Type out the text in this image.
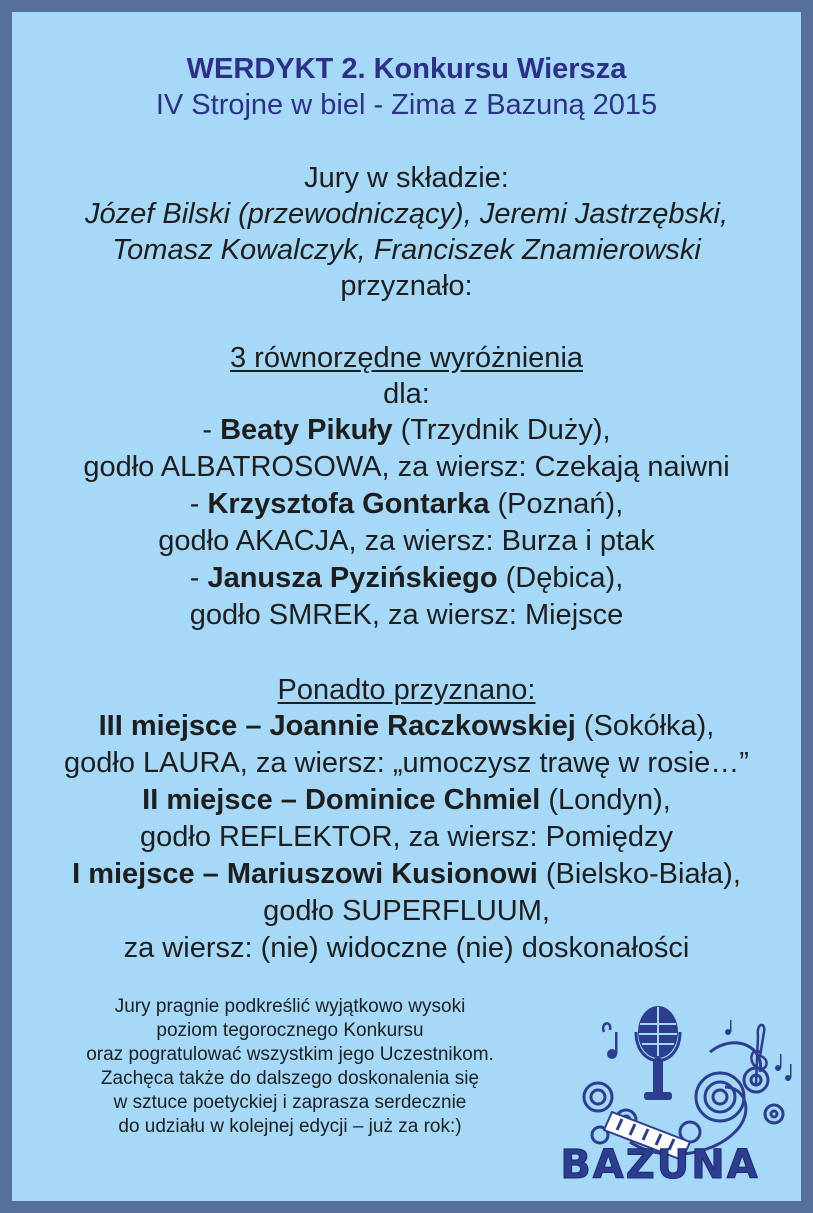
WERDYKT 2. Konkursu Wiersza
IV Strojne w biel - Zima z Bazuną 2015
Jury w składzie:
Józef Bilski (przewodniczący), Jeremi Jastrzębski,
Tomasz Kowalczyk, Franciszek Znamierowski
przyznało:
3 równorzędne wyróżnienia
dla:
- Beaty Pikuły (Trzydnik Duży),
godło ALBATROSOWA, za wiersz: Czekają naiwni
- Krzysztofa Gontarka (Poznań),
godło AKACJA, za wiersz: Burza i ptak
- Janusza Pyzińskiego (Dębica),
godło SMREK, za wiersz: Miejsce
Ponadto przyznano:
III miejsce – Joannie Raczkowskiej (Sokółka),
godło LAURA, za wiersz: „umoczysz trawę w rosie…”
II miejsce – Dominice Chmiel (Londyn),
godło REFLEKTOR, za wiersz: Pomiędzy
I miejsce – Mariuszowi Kusionowi (Bielsko-Biała),
godło SUPERFLUUM,
za wiersz: (nie) widoczne (nie) doskonałości
Jury pragnie podkreślić wyjątkowo wysoki
poziom tegorocznego Konkursu
oraz pogratulować wszystkim jego Uczestnikom.
Zachęca także do dalszego doskonalenia się
w sztuce poetyckiej i zaprasza serdecznie
do udziału w kolejnej edycji – już za rok:)
BAZUNA
